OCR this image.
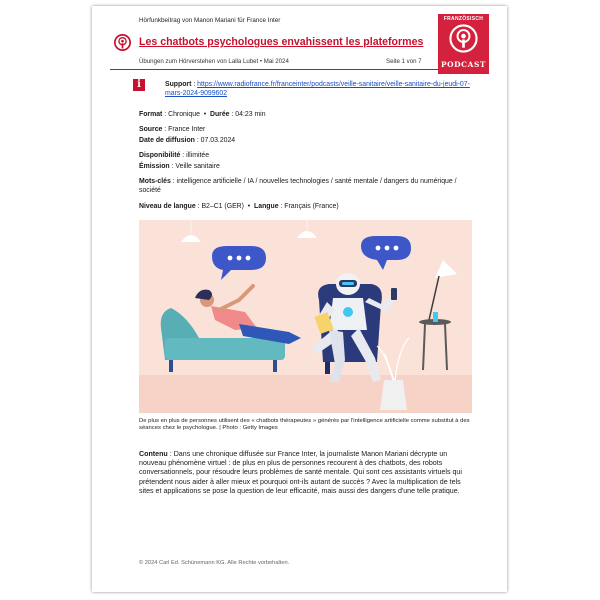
Hörfunkbeitrag von Manon Mariani für France Inter
Les chatbots psychologues envahissent les plateformes
Übungen zum Hörverstehen von Lalla Lubet • Mai 2024	Seite 1 von 7
FRANZÖSISCH
PODCAST
i	Support : https://www.radiofrance.fr/franceinter/podcasts/veille-sanitaire/veille-sanitaire-du-jeudi-07-mars-2024-9099602
Format : Chronique  •  Durée : 04:23 min
Source : France Inter
Date de diffusion : 07.03.2024
Disponibilité : illimitée
Émission : Veille sanitaire
Mots-clés : intelligence artificielle / IA / nouvelles technologies / santé mentale / dangers du numérique / société
Niveau de langue : B2–C1 (GER)  •  Langue : Français (France)
De plus en plus de personnes utilisent des « chatbots thérapeutes » générés par l'intelligence artificielle comme substitut à des séances chez le psychologue. | Photo : Getty Images
Contenu : Dans une chronique diffusée sur France Inter, la journaliste Manon Mariani décrypte un nouveau phénomène virtuel : de plus en plus de personnes recourent à des chatbots, des robots conversationnels, pour résoudre leurs problèmes de santé mentale. Qui sont ces assistants virtuels qui prétendent nous aider à aller mieux et pourquoi ont-ils autant de succès ? Avec la multiplication de tels sites et applications se pose la question de leur efficacité, mais aussi des dangers d'une telle pratique.
© 2024 Carl Ed. Schünemann KG. Alle Rechte vorbehalten.
